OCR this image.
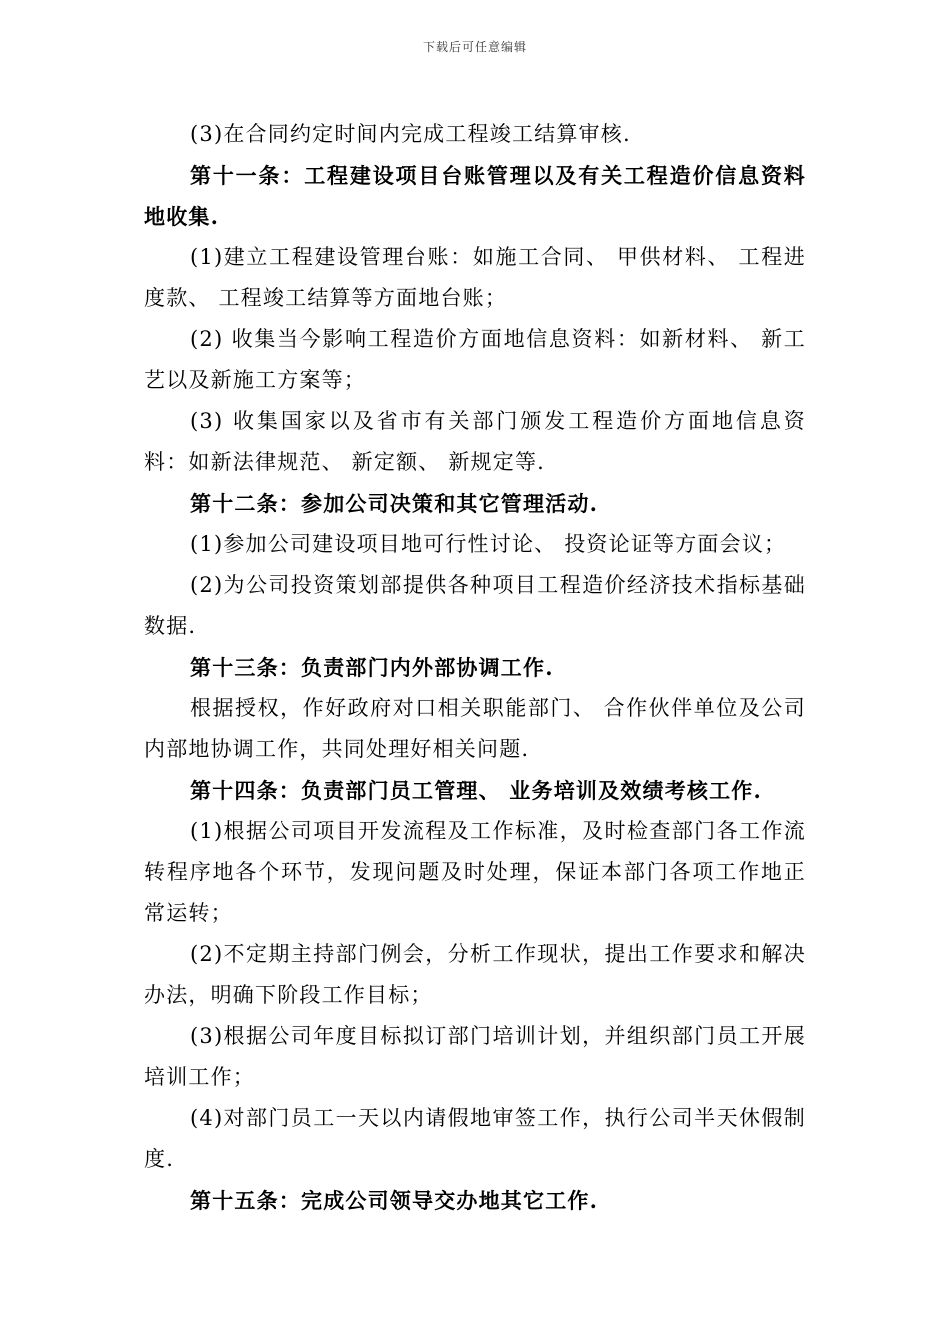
下载后可任意编辑

(3)在合同约定时间内完成工程竣工结算审核.

第十一条：工程建设项目台账管理以及有关工程造价信息资料地收集.

(1)建立工程建设管理台账：如施工合同、 甲供材料、 工程进度款、 工程竣工结算等方面地台账；

(2) 收集当今影响工程造价方面地信息资料：如新材料、 新工艺以及新施工方案等；

(3) 收集国家以及省市有关部门颁发工程造价方面地信息资料：如新法律规范、 新定额、 新规定等.

第十二条：参加公司决策和其它管理活动.

(1)参加公司建设项目地可行性讨论、 投资论证等方面会议；

(2)为公司投资策划部提供各种项目工程造价经济技术指标基础数据.

第十三条：负责部门内外部协调工作.

根据授权，作好政府对口相关职能部门、 合作伙伴单位及公司内部地协调工作，共同处理好相关问题.

第十四条：负责部门员工管理、 业务培训及效绩考核工作.

(1)根据公司项目开发流程及工作标准，及时检查部门各工作流转程序地各个环节，发现问题及时处理，保证本部门各项工作地正常运转；

(2)不定期主持部门例会，分析工作现状，提出工作要求和解决办法，明确下阶段工作目标；

(3)根据公司年度目标拟订部门培训计划，并组织部门员工开展培训工作；

(4)对部门员工一天以内请假地审签工作，执行公司半天休假制度.

第十五条：完成公司领导交办地其它工作.
